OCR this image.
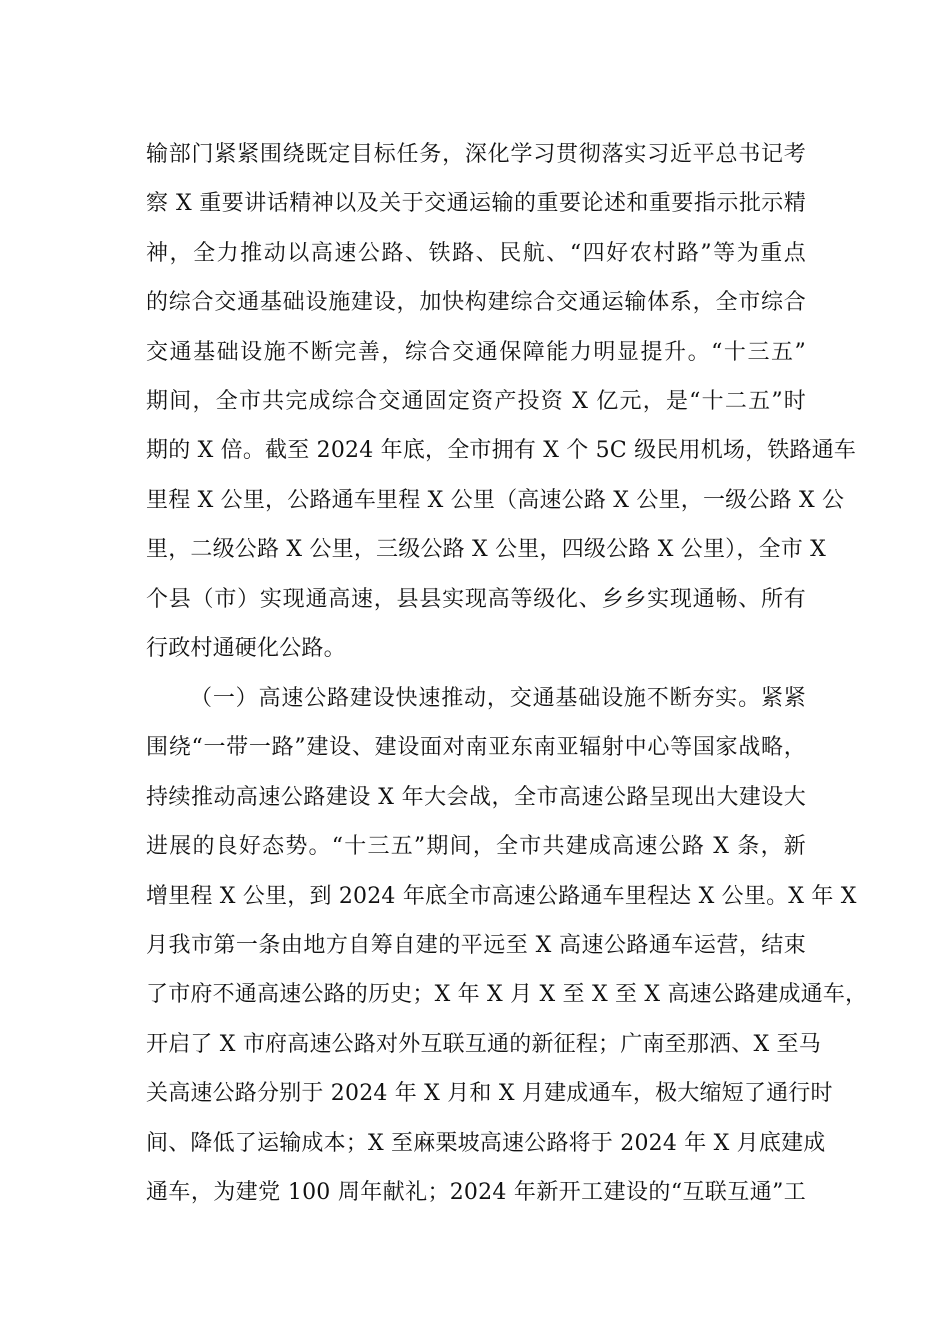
输部门紧紧围绕既定目标任务，深化学习贯彻落实习近平总书记考
察 X 重要讲话精神以及关于交通运输的重要论述和重要指示批示精
神，全力推动以高速公路、铁路、民航、“四好农村路”等为重点
的综合交通基础设施建设，加快构建综合交通运输体系，全市综合
交通基础设施不断完善，综合交通保障能力明显提升。“十三五”
期间，全市共完成综合交通固定资产投资 X 亿元，是“十二五”时
期的 X 倍。截至 2024 年底，全市拥有 X 个 5C 级民用机场，铁路通车
里程 X 公里，公路通车里程 X 公里（高速公路 X 公里，一级公路 X 公
里，二级公路 X 公里，三级公路 X 公里，四级公路 X 公里），全市 X
个县（市）实现通高速，县县实现高等级化、乡乡实现通畅、所有
行政村通硬化公路。
（一）高速公路建设快速推动，交通基础设施不断夯实。紧紧
围绕“一带一路”建设、建设面对南亚东南亚辐射中心等国家战略，
持续推动高速公路建设 X 年大会战，全市高速公路呈现出大建设大
进展的良好态势。“十三五”期间，全市共建成高速公路 X 条，新
增里程 X 公里，到 2024 年底全市高速公路通车里程达 X 公里。X 年 X
月我市第一条由地方自筹自建的平远至 X 高速公路通车运营，结束
了市府不通高速公路的历史；X 年 X 月 X 至 X 至 X 高速公路建成通车，
开启了 X 市府高速公路对外互联互通的新征程；广南至那洒、X 至马
关高速公路分别于 2024 年 X 月和 X 月建成通车，极大缩短了通行时
间、降低了运输成本；X 至麻栗坡高速公路将于 2024 年 X 月底建成
通车，为建党 100 周年献礼；2024 年新开工建设的“互联互通”工
